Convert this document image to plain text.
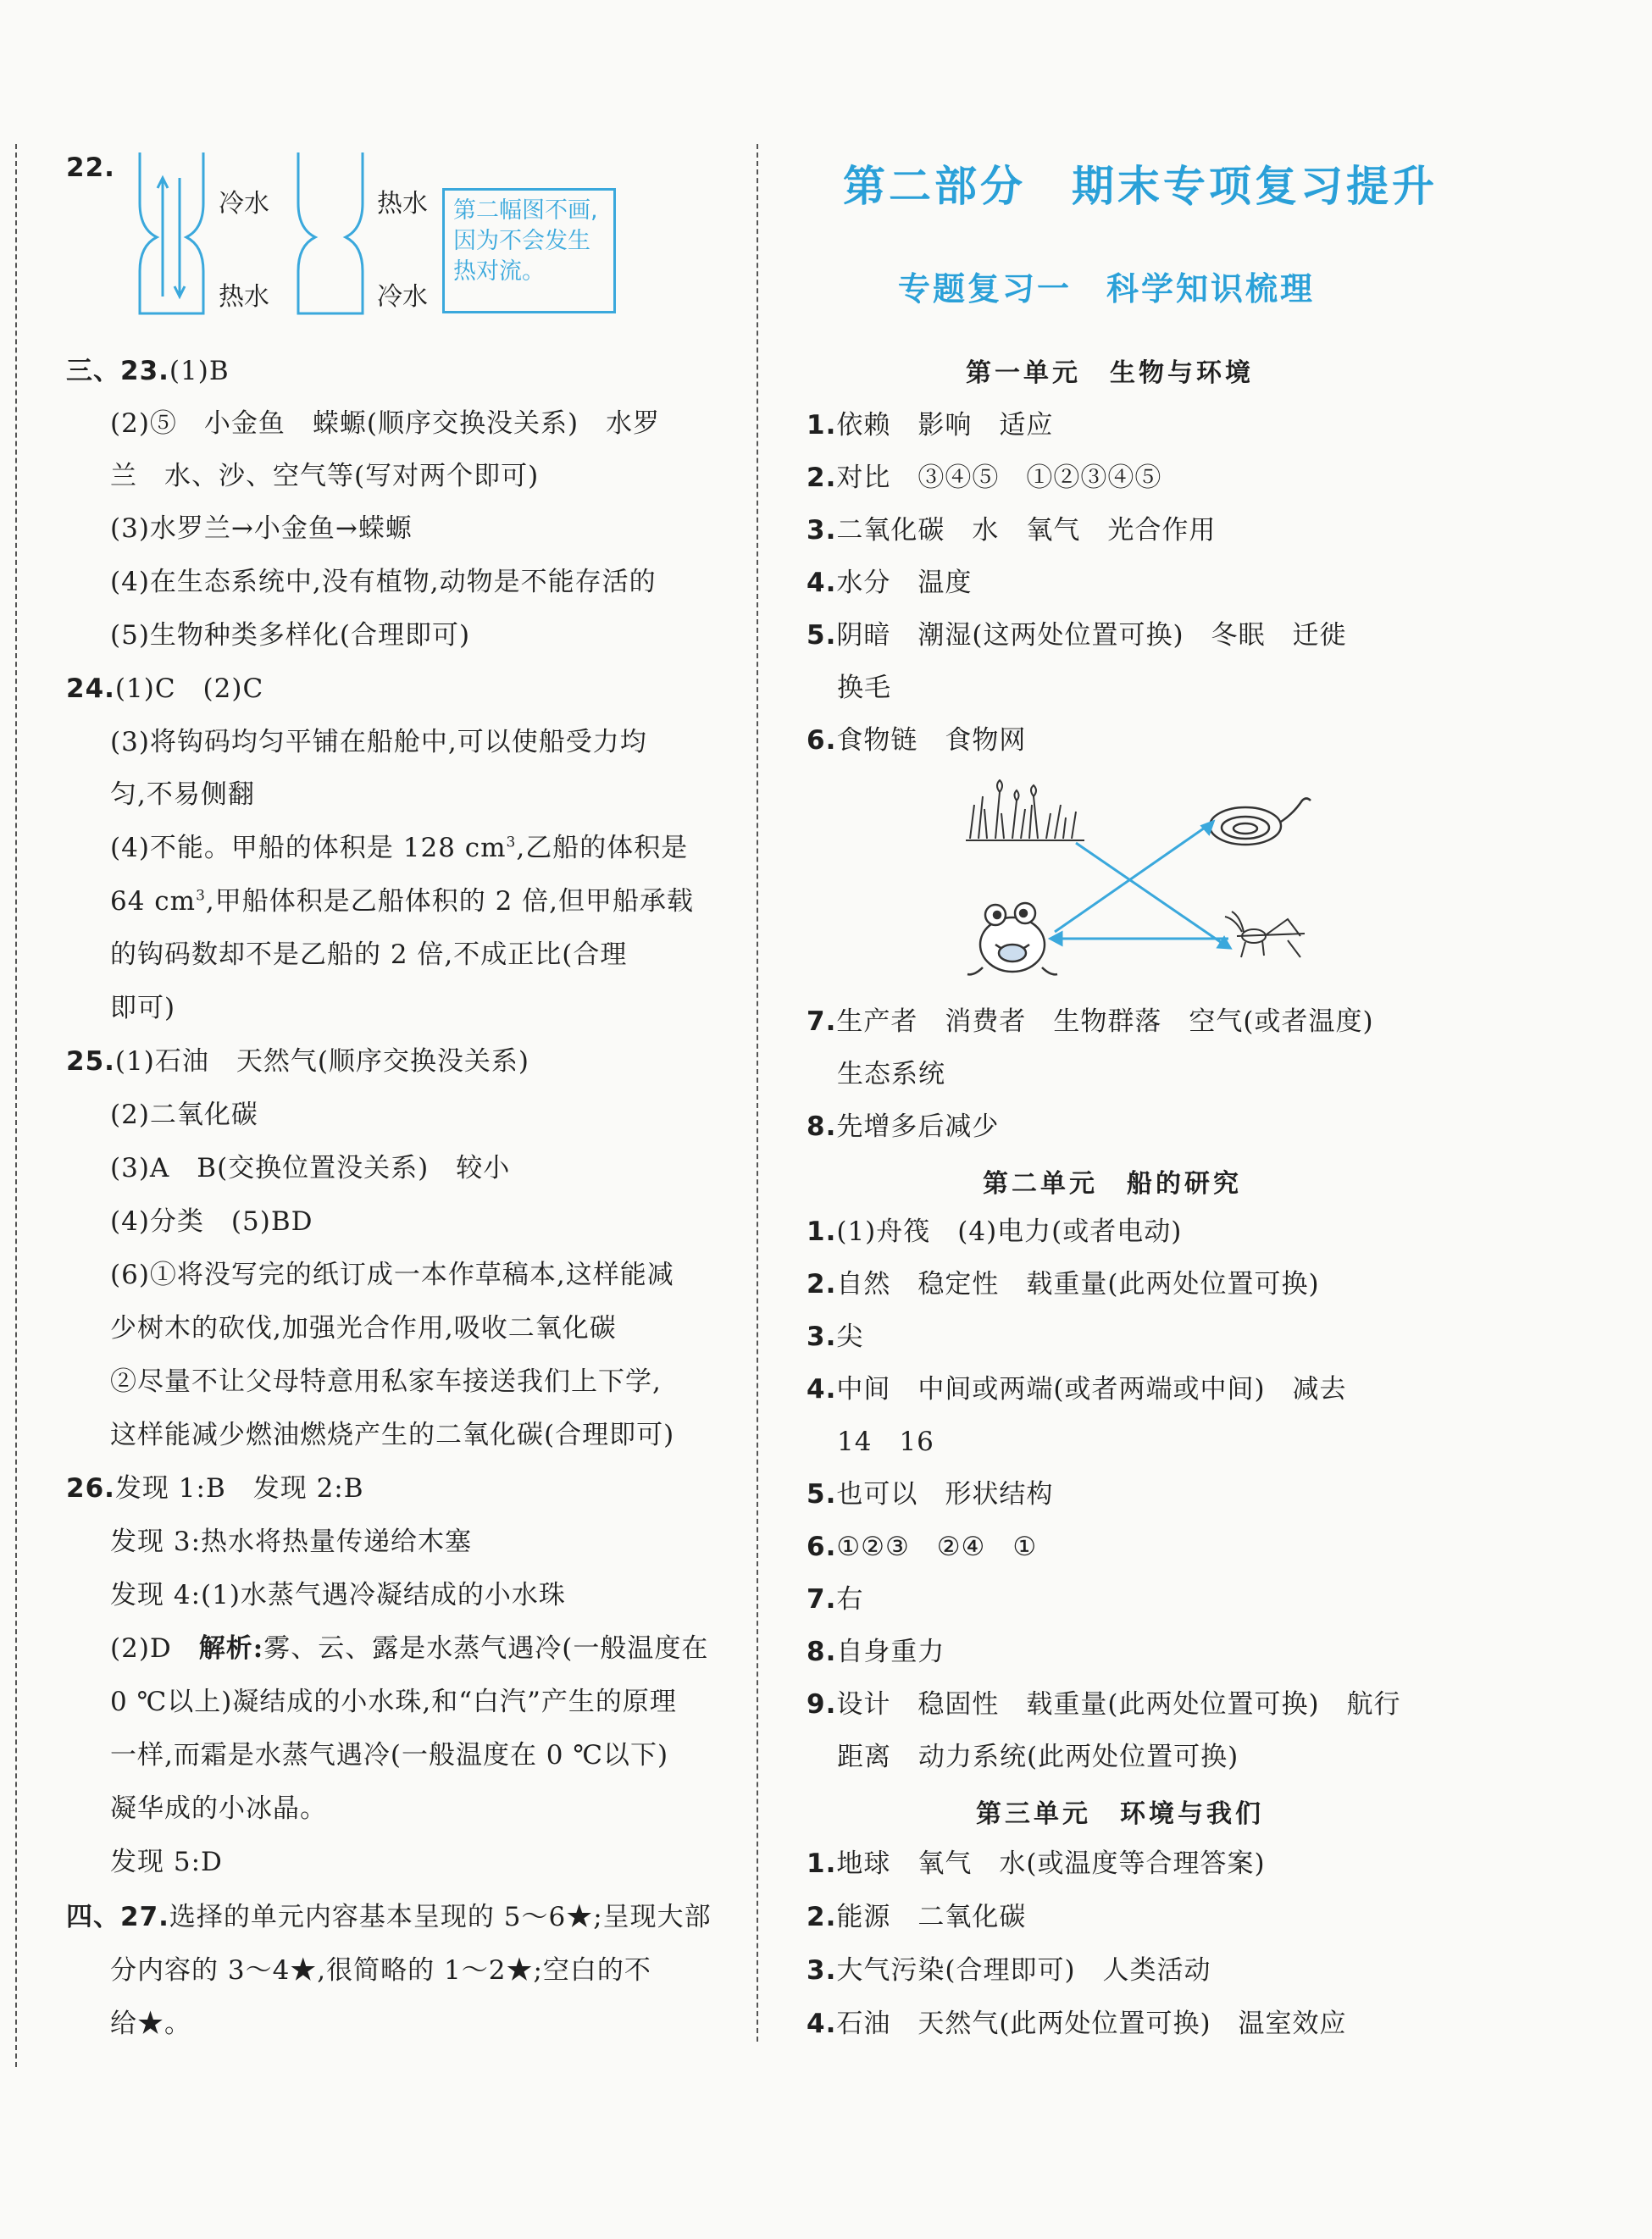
22.
冷水
热水
热水
冷水
第二幅图不画,
因为不会发生
热对流。
三、23.(1)B
(2)⑤　小金鱼　蝾螈(顺序交换没关系)　水罗
兰　水、沙、空气等(写对两个即可)
(3)水罗兰→小金鱼→蝾螈
(4)在生态系统中,没有植物,动物是不能存活的
(5)生物种类多样化(合理即可)
24.(1)C　(2)C
(3)将钩码均匀平铺在船舱中,可以使船受力均
匀,不易侧翻
(4)不能。甲船的体积是 128 $cm^3$,乙船的体积是
64 $cm^3$,甲船体积是乙船体积的 2 倍,但甲船承载
的钩码数却不是乙船的 2 倍,不成正比(合理
即可)
25.(1)石油　天然气(顺序交换没关系)
(2)二氧化碳
(3)A　B(交换位置没关系)　较小
(4)分类　(5)BD
(6)①将没写完的纸订成一本作草稿本,这样能减
少树木的砍伐,加强光合作用,吸收二氧化碳
②尽量不让父母特意用私家车接送我们上下学,
这样能减少燃油燃烧产生的二氧化碳(合理即可)
26.发现 1:B　发现 2:B
发现 3:热水将热量传递给木塞
发现 4:(1)水蒸气遇冷凝结成的小水珠
(2)D　 解析:雾、云、露是水蒸气遇冷(一般温度在
0 ℃以上)凝结成的小水珠,和“白汽”产生的原理
一样,而霜是水蒸气遇冷(一般温度在 0 ℃以下)
凝华成的小冰晶。
发现 5:D
四、27.选择的单元内容基本呈现的 5～6★;呈现大部
分内容的 3～4★,很简略的 1～2★;空白的不
给★。
第二部分　期末专项复习提升
专题复习一　科学知识梳理
第一单元　生物与环境
1.依赖　影响　适应
2.对比　③④⑤　①②③④⑤
3.二氧化碳　水　氧气　光合作用
4.水分　温度
5.阴暗　潮湿(这两处位置可换)　冬眠　迁徙
换毛
6.食物链　食物网
7.生产者　消费者　生物群落　空气(或者温度)
生态系统
8.先增多后减少
第二单元　船的研究
1.(1)舟筏　(4)电力(或者电动)
2.自然　稳定性　载重量(此两处位置可换)
3.尖
4.中间　中间或两端(或者两端或中间)　减去
14　16
5.也可以　形状结构
6.①②③　②④　①
7.右
8.自身重力
9.设计　稳固性　载重量(此两处位置可换)　航行
距离　动力系统(此两处位置可换)
第三单元　环境与我们
1.地球　氧气　水(或温度等合理答案)
2.能源　二氧化碳
3.大气污染(合理即可)　人类活动
4.石油　天然气(此两处位置可换)　温室效应
